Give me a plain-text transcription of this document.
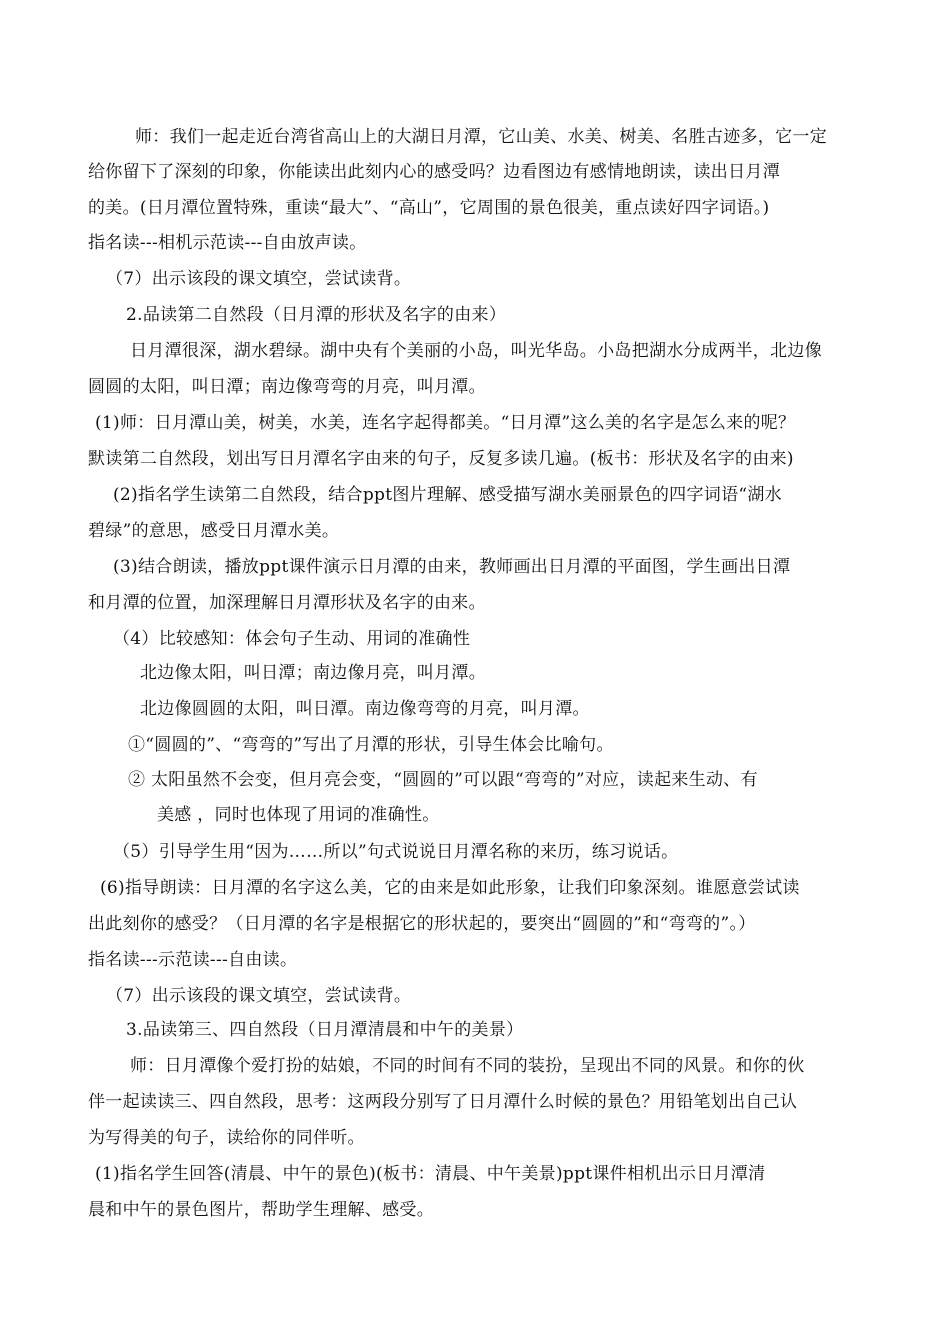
师：我们一起走近台湾省高山上的大湖日月潭，它山美、水美、树美、名胜古迹多，它一定
给你留下了深刻的印象，你能读出此刻内心的感受吗？边看图边有感情地朗读，读出日月潭
的美。(日月潭位置特殊，重读“最大”、“高山”，它周围的景色很美，重点读好四字词语。)
指名读---相机示范读---自由放声读。
（7）出示该段的课文填空，尝试读背。
2.品读第二自然段（日月潭的形状及名字的由来）
日月潭很深，湖水碧绿。湖中央有个美丽的小岛，叫光华岛。小岛把湖水分成两半，北边像
圆圆的太阳，叫日潭；南边像弯弯的月亮，叫月潭。
(1)师：日月潭山美，树美，水美，连名字起得都美。“日月潭”这么美的名字是怎么来的呢？
默读第二自然段，划出写日月潭名字由来的句子，反复多读几遍。(板书：形状及名字的由来)
(2)指名学生读第二自然段，结合ppt图片理解、感受描写湖水美丽景色的四字词语“湖水
碧绿”的意思，感受日月潭水美。
(3)结合朗读，播放ppt课件演示日月潭的由来，教师画出日月潭的平面图，学生画出日潭
和月潭的位置，加深理解日月潭形状及名字的由来。
（4）比较感知：体会句子生动、用词的准确性
北边像太阳，叫日潭；南边像月亮，叫月潭。
北边像圆圆的太阳，叫日潭。南边像弯弯的月亮，叫月潭。
①“圆圆的”、“弯弯的”写出了月潭的形状，引导生体会比喻句。
② 太阳虽然不会变，但月亮会变，“圆圆的”可以跟“弯弯的”对应，读起来生动、有
美感 ，同时也体现了用词的准确性。
（5）引导学生用“因为……所以”句式说说日月潭名称的来历，练习说话。
(6)指导朗读：日月潭的名字这么美，它的由来是如此形象，让我们印象深刻。谁愿意尝试读
出此刻你的感受？（日月潭的名字是根据它的形状起的，要突出“圆圆的”和“弯弯的”。）
指名读---示范读---自由读。
（7）出示该段的课文填空，尝试读背。
3.品读第三、四自然段（日月潭清晨和中午的美景）
师：日月潭像个爱打扮的姑娘，不同的时间有不同的装扮，呈现出不同的风景。和你的伙
伴一起读读三、四自然段，思考：这两段分别写了日月潭什么时候的景色？用铅笔划出自己认
为写得美的句子，读给你的同伴听。
(1)指名学生回答(清晨、中午的景色)(板书：清晨、中午美景)ppt课件相机出示日月潭清
晨和中午的景色图片，帮助学生理解、感受。
